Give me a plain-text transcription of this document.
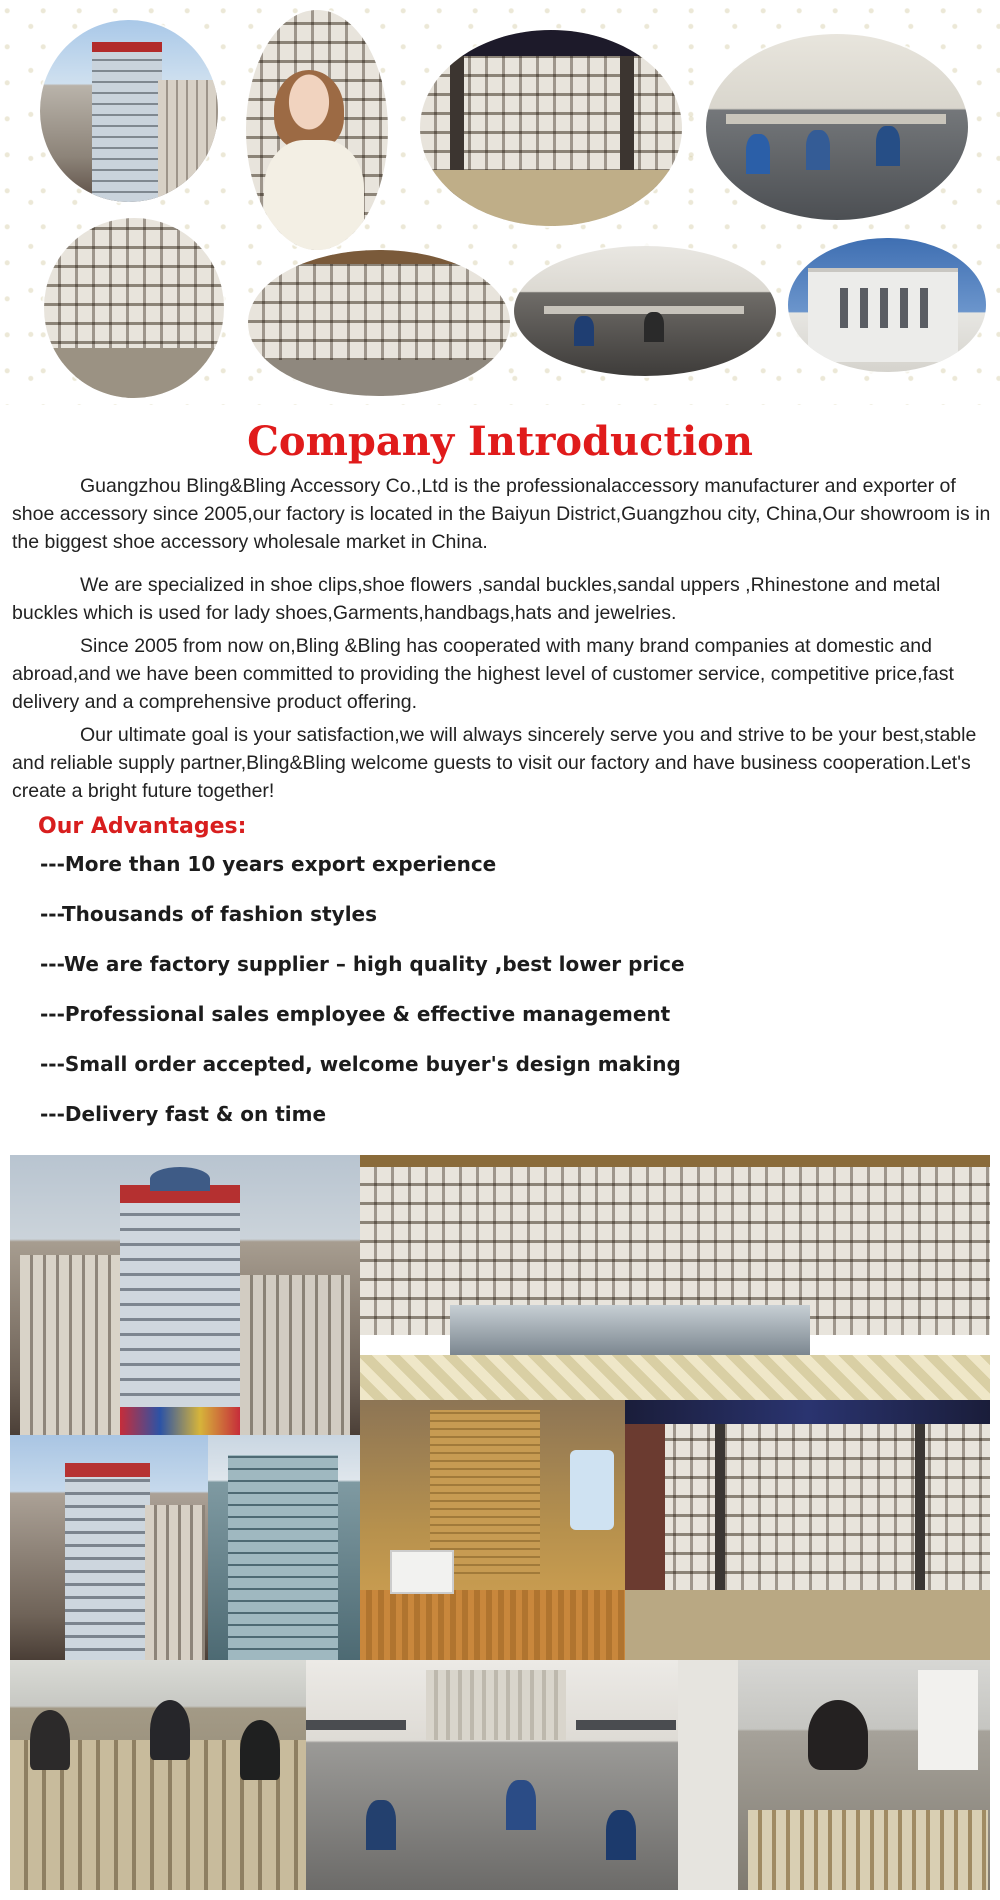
Company Introduction

Guangzhou Bling&Bling Accessory Co.,Ltd is the professionalaccessory manufacturer and exporter of shoe accessory since 2005,our factory is located in the Baiyun District,Guangzhou city, China,Our showroom is in the biggest shoe accessory wholesale market in China.

We are specialized in shoe clips,shoe flowers ,sandal buckles,sandal uppers ,Rhinestone and metal buckles which is used for lady shoes,Garments,handbags,hats and jewelries.

Since 2005 from now on,Bling &Bling has cooperated with many brand companies at domestic and abroad,and we have been committed to providing the highest level of customer service, competitive price,fast delivery and a comprehensive product offering.

Our ultimate goal is your satisfaction,we will always sincerely serve you and strive to be your best,stable and reliable supply partner,Bling&Bling welcome guests to visit our factory and have business cooperation.Let's create a bright future together!

Our Advantages:
---More than 10 years export experience
---Thousands of fashion styles
---We are factory supplier – high quality ,best lower price
---Professional sales employee & effective management
---Small order accepted, welcome buyer's design making
---Delivery fast & on time
